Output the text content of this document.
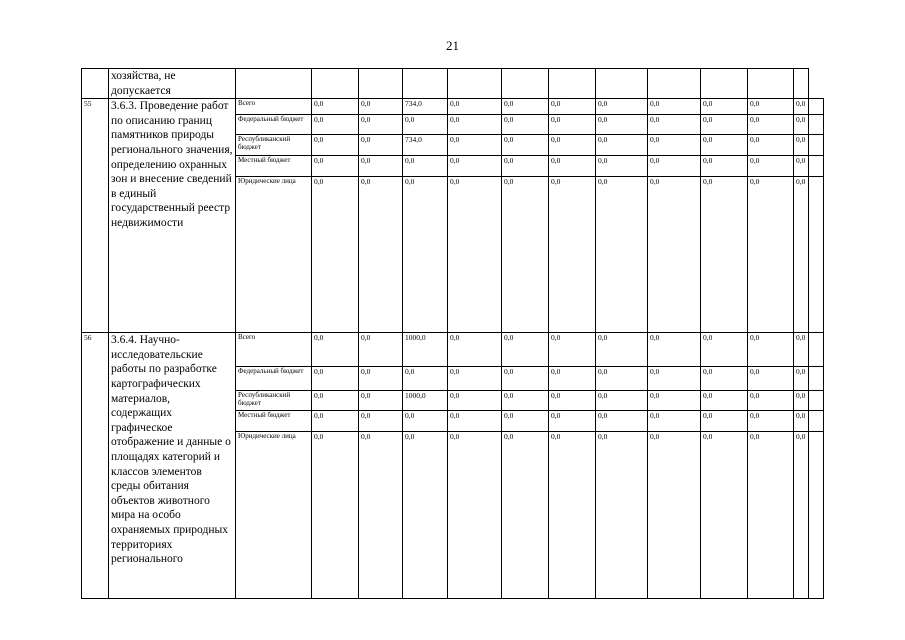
21
	хозяйства, не допускается													
55	3.6.3. Проведение работ по описанию границ памятников природы регионального значения, определению охранных зон и внесение сведений в единый государственный реестр недвижимости	Всего	0,0	0,0	734,0	0,0	0,0	0,0	0,0	0,0	0,0	0,0	0,0	
		Федеральный бюджет	0,0	0,0	0,0	0,0	0,0	0,0	0,0	0,0	0,0	0,0	0,0	
		Республиканский бюджет	0,0	0,0	734,0	0,0	0,0	0,0	0,0	0,0	0,0	0,0	0,0	
		Местный бюджет	0,0	0,0	0,0	0,0	0,0	0,0	0,0	0,0	0,0	0,0	0,0	
		Юридические лица	0,0	0,0	0,0	0,0	0,0	0,0	0,0	0,0	0,0	0,0	0,0	
56	3.6.4. Научно-исследовательские работы по разработке картографических материалов, содержащих графическое отображение и данные о площадях категорий и классов элементов среды обитания объектов животного мира на особо охраняемых природных территориях регионального	Всего	0,0	0,0	1000,0	0,0	0,0	0,0	0,0	0,0	0,0	0,0	0,0	
		Федеральный бюджет	0,0	0,0	0,0	0,0	0,0	0,0	0,0	0,0	0,0	0,0	0,0	
		Республиканский бюджет	0,0	0,0	1000,0	0,0	0,0	0,0	0,0	0,0	0,0	0,0	0,0	
		Местный бюджет	0,0	0,0	0,0	0,0	0,0	0,0	0,0	0,0	0,0	0,0	0,0	
		Юридические лица	0,0	0,0	0,0	0,0	0,0	0,0	0,0	0,0	0,0	0,0	0,0	
